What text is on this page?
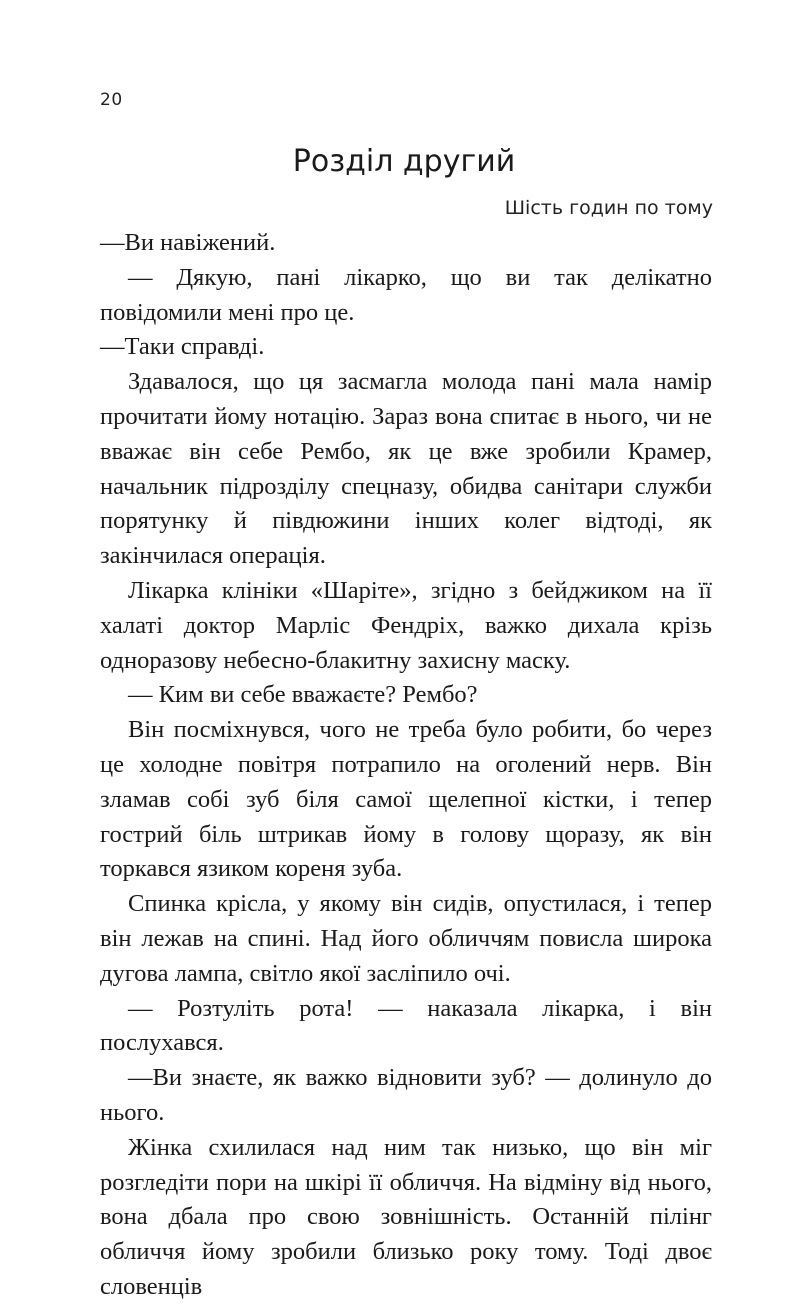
20
Розділ другий
Шість годин по тому

—Ви навіжений.

— Дякую, пані лікарко, що ви так делікатно повідомили мені про це.

—Таки справді.

Здавалося, що ця засмагла молода пані мала намір прочитати йому нотацію. Зараз вона спитає в нього, чи не вважає він себе Рембо, як це вже зробили Крамер, начальник підрозділу спецназу, обидва санітари служби порятунку й півдюжини інших колег відтоді, як закінчилася операція.

Лікарка клініки «Шаріте», згідно з бейджиком на її халаті доктор Марліс Фендріх, важко дихала крізь одноразову небесно-блакитну захисну маску.

— Ким ви себе вважаєте? Рембо?

Він посміхнувся, чого не треба було робити, бо через це холодне повітря потрапило на оголений нерв. Він зламав собі зуб біля самої щелепної кістки, і тепер гострий біль штрикав йому в голову щоразу, як він торкався язиком кореня зуба.

Спинка крісла, у якому він сидів, опустилася, і тепер він лежав на спині. Над його обличчям повисла широка дугова лампа, світло якої засліпило очі.

— Розтуліть рота! — наказала лікарка, і він послухався.

—Ви знаєте, як важко відновити зуб? — долинуло до нього.

Жінка схилилася над ним так низько, що він міг розгледіти пори на шкірі її обличчя. На відміну від нього, вона дбала про свою зовнішність. Останній пілінг обличчя йому зробили близько року тому. Тоді двоє словенців
